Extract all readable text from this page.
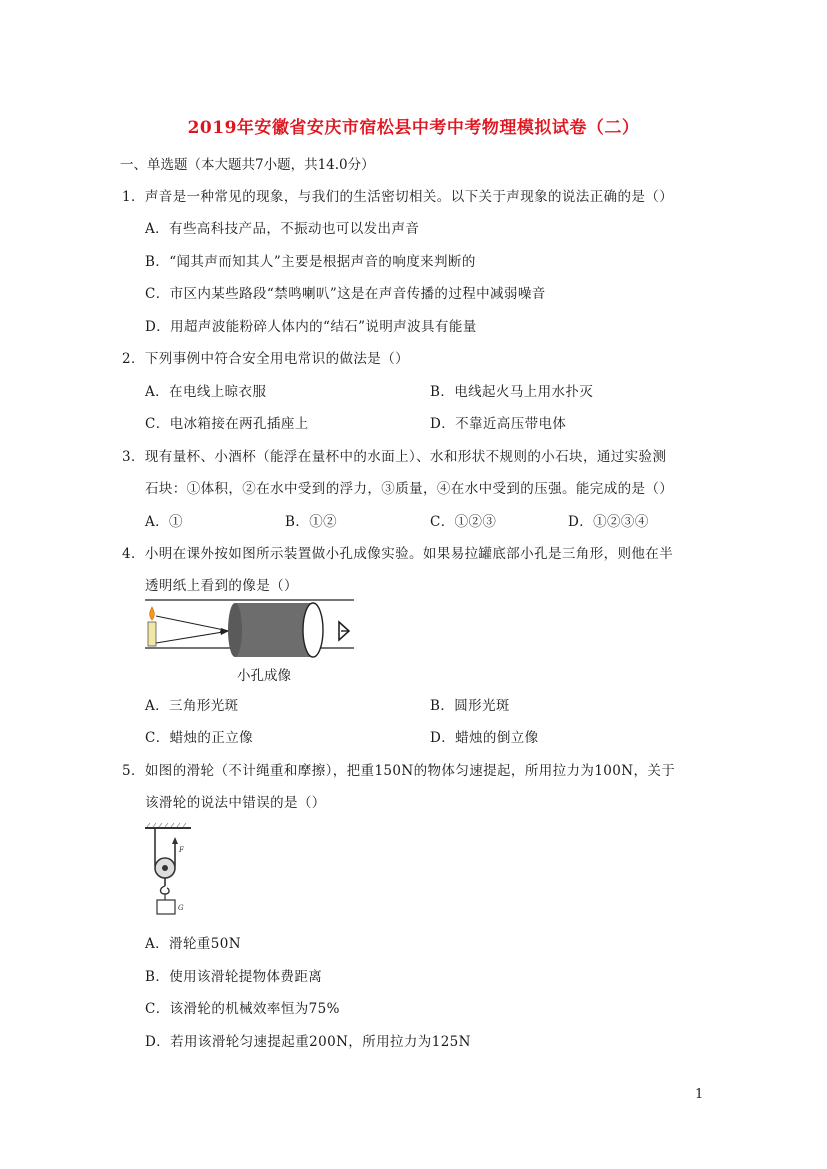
2019年安徽省安庆市宿松县中考中考物理模拟试卷（二）
一、单选题（本大题共7小题，共14.0分）
1．声音是一种常见的现象，与我们的生活密切相关。以下关于声现象的说法正确的是（）
A．有些高科技产品，不振动也可以发出声音
B．“闻其声而知其人”主要是根据声音的响度来判断的
C．市区内某些路段“禁鸣喇叭”这是在声音传播的过程中减弱噪音
D．用超声波能粉碎人体内的“结石”说明声波具有能量
2．下列事例中符合安全用电常识的做法是（）
A．在电线上晾衣服	B．电线起火马上用水扑灭
C．电冰箱接在两孔插座上	D．不靠近高压带电体
3．现有量杯、小酒杯（能浮在量杯中的水面上）、水和形状不规则的小石块，通过实验测
石块：①体积，②在水中受到的浮力，③质量，④在水中受到的压强。能完成的是（）
A．①	B．①②	C．①②③	D．①②③④
4．小明在课外按如图所示装置做小孔成像实验。如果易拉罐底部小孔是三角形，则他在半
透明纸上看到的像是（）
小孔成像
A．三角形光斑	B．圆形光斑
C．蜡烛的正立像	D．蜡烛的倒立像
5．如图的滑轮（不计绳重和摩擦），把重150N的物体匀速提起，所用拉力为100N，关于
该滑轮的说法中错误的是（）
F
G
A．滑轮重50N
B．使用该滑轮提物体费距离
C．该滑轮的机械效率恒为75%
D．若用该滑轮匀速提起重200N，所用拉力为125N
1
